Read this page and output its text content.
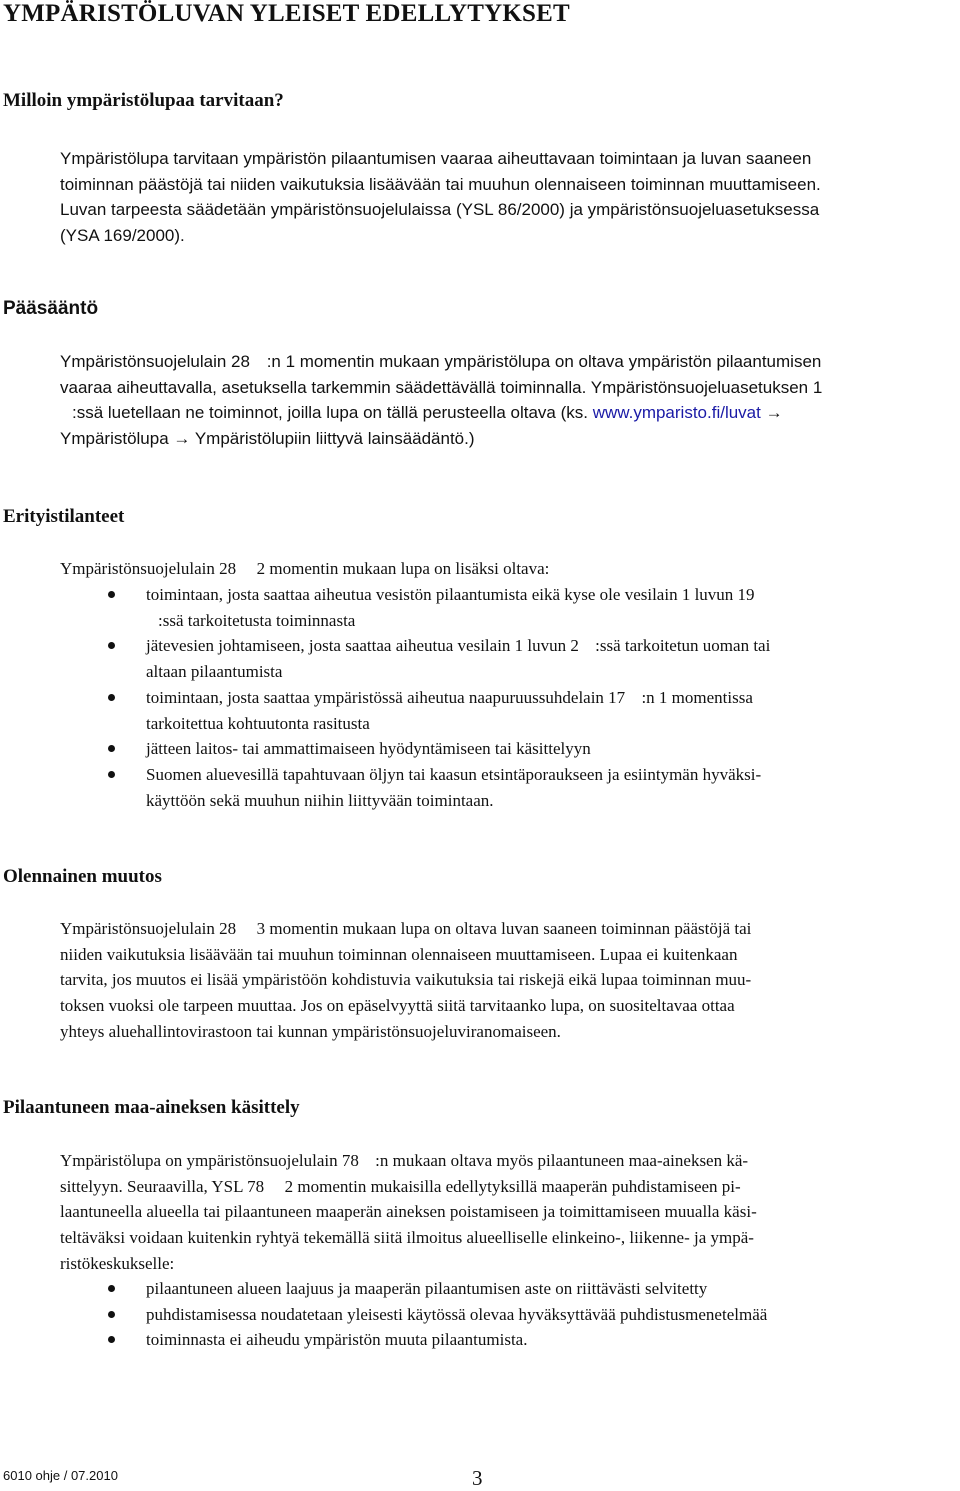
YMPÄRISTÖLUVAN YLEISET EDELLYTYKSET
Milloin ympäristölupaa tarvitaan?
Ympäristölupa tarvitaan ympäristön pilaantumisen vaaraa aiheuttavaan toimintaan ja luvan saaneen
toiminnan päästöjä tai niiden vaikutuksia lisäävään tai muuhun olennaiseen toiminnan muuttamiseen.
Luvan tarpeesta säädetään ympäristönsuojelulaissa (YSL 86/2000) ja ympäristönsuojeluasetuksessa
(YSA 169/2000).
Pääsääntö
Ympäristönsuojelulain 28 :n 1 momentin mukaan ympäristölupa on oltava ympäristön pilaantumisen
vaaraa aiheuttavalla, asetuksella tarkemmin säädettävällä toiminnalla. Ympäristönsuojeluasetuksen 1
:ssä luetellaan ne toiminnot, joilla lupa on tällä perusteella oltava (ks. www.ymparisto.fi/luvat →
Ympäristölupa → Ympäristölupiin liittyvä lainsäädäntö.)
Erityistilanteet
Ympäristönsuojelulain 28 2 momentin mukaan lupa on lisäksi oltava:
toimintaan, josta saattaa aiheutua vesistön pilaantumista eikä kyse ole vesilain 1 luvun 19
:ssä tarkoitetusta toiminnasta
jätevesien johtamiseen, josta saattaa aiheutua vesilain 1 luvun 2 :ssä tarkoitetun uoman tai
altaan pilaantumista
toimintaan, josta saattaa ympäristössä aiheutua naapuruussuhdelain 17 :n 1 momentissa
tarkoitettua kohtuutonta rasitusta
jätteen laitos- tai ammattimaiseen hyödyntämiseen tai käsittelyyn
Suomen aluevesillä tapahtuvaan öljyn tai kaasun etsintäporaukseen ja esiintymän hyväksi-
käyttöön sekä muuhun niihin liittyvään toimintaan.
Olennainen muutos
Ympäristönsuojelulain 28 3 momentin mukaan lupa on oltava luvan saaneen toiminnan päästöjä tai
niiden vaikutuksia lisäävään tai muuhun toiminnan olennaiseen muuttamiseen. Lupaa ei kuitenkaan
tarvita, jos muutos ei lisää ympäristöön kohdistuvia vaikutuksia tai riskejä eikä lupaa toiminnan muu-
toksen vuoksi ole tarpeen muuttaa. Jos on epäselvyyttä siitä tarvitaanko lupa, on suositeltavaa ottaa
yhteys aluehallintovirastoon tai kunnan ympäristönsuojeluviranomaiseen.
Pilaantuneen maa-aineksen käsittely
Ympäristölupa on ympäristönsuojelulain 78 :n mukaan oltava myös pilaantuneen maa-aineksen kä-
sittelyyn. Seuraavilla, YSL 78 2 momentin mukaisilla edellytyksillä maaperän puhdistamiseen pi-
laantuneella alueella tai pilaantuneen maaperän aineksen poistamiseen ja toimittamiseen muualla käsi-
teltäväksi voidaan kuitenkin ryhtyä tekemällä siitä ilmoitus alueelliselle elinkeino-, liikenne- ja ympä-
ristökeskukselle:
pilaantuneen alueen laajuus ja maaperän pilaantumisen aste on riittävästi selvitetty
puhdistamisessa noudatetaan yleisesti käytössä olevaa hyväksyttävää puhdistusmenetelmää
toiminnasta ei aiheudu ympäristön muuta pilaantumista.
6010 ohje / 07.2010	3
